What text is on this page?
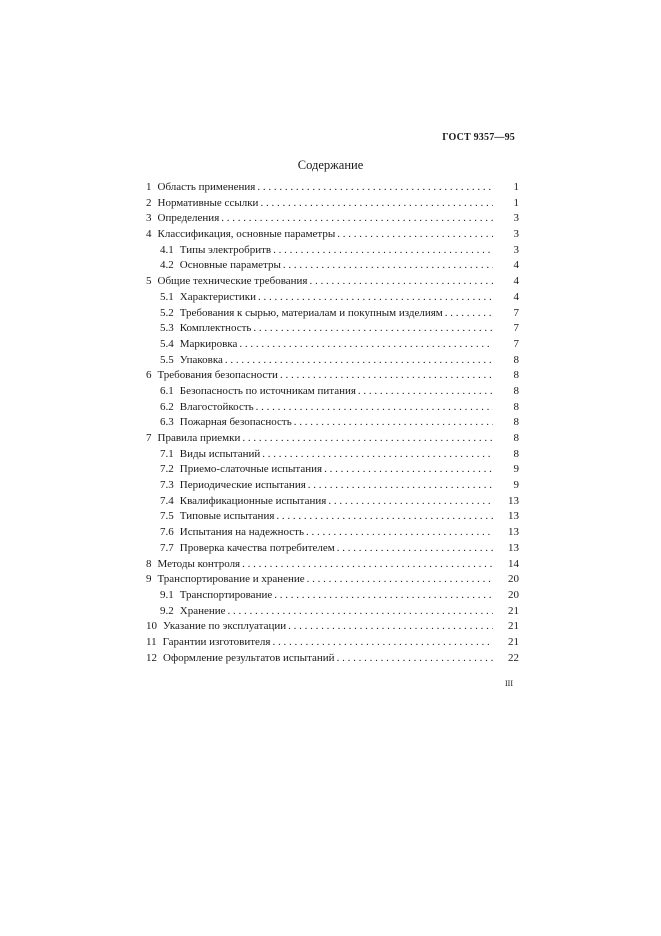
ГОСТ 9357—95
Содержание
1 Область применения . . .	1
2 Нормативные ссылки . . .	1
3 Определения . . .	3
4 Классификация, основные параметры . . .	3
4.1 Типы электробритв . . .	3
4.2 Основные параметры . . .	4
5 Общие технические требования . . .	4
5.1 Характеристики . . .	4
5.2 Требования к сырью, материалам и покупным изделиям . . .	7
5.3 Комплектность . . .	7
5.4 Маркировка . . .	7
5.5 Упаковка . . .	8
6 Требования безопасности . . .	8
6.1 Безопасность по источникам питания . . .	8
6.2 Влагостойкость . . .	8
6.3 Пожарная безопасность . . .	8
7 Правила приемки . . .	8
7.1 Виды испытаний . . .	8
7.2 Приемо-слаточные испытания . . .	9
7.3 Периодические испытания . . .	9
7.4 Квалификационные испытания . . .	13
7.5 Типовые испытания . . .	13
7.6 Испытания на надежность . . .	13
7.7 Проверка качества потребителем . . .	13
8 Методы контроля . . .	14
9 Транспортирование и хранение . . .	20
9.1 Транспортирование . . .	20
9.2 Хранение . . .	21
10 Указание по эксплуатации . . .	21
11 Гарантии изготовителя . . .	21
12 Оформление результатов испытаний . . .	22
III
